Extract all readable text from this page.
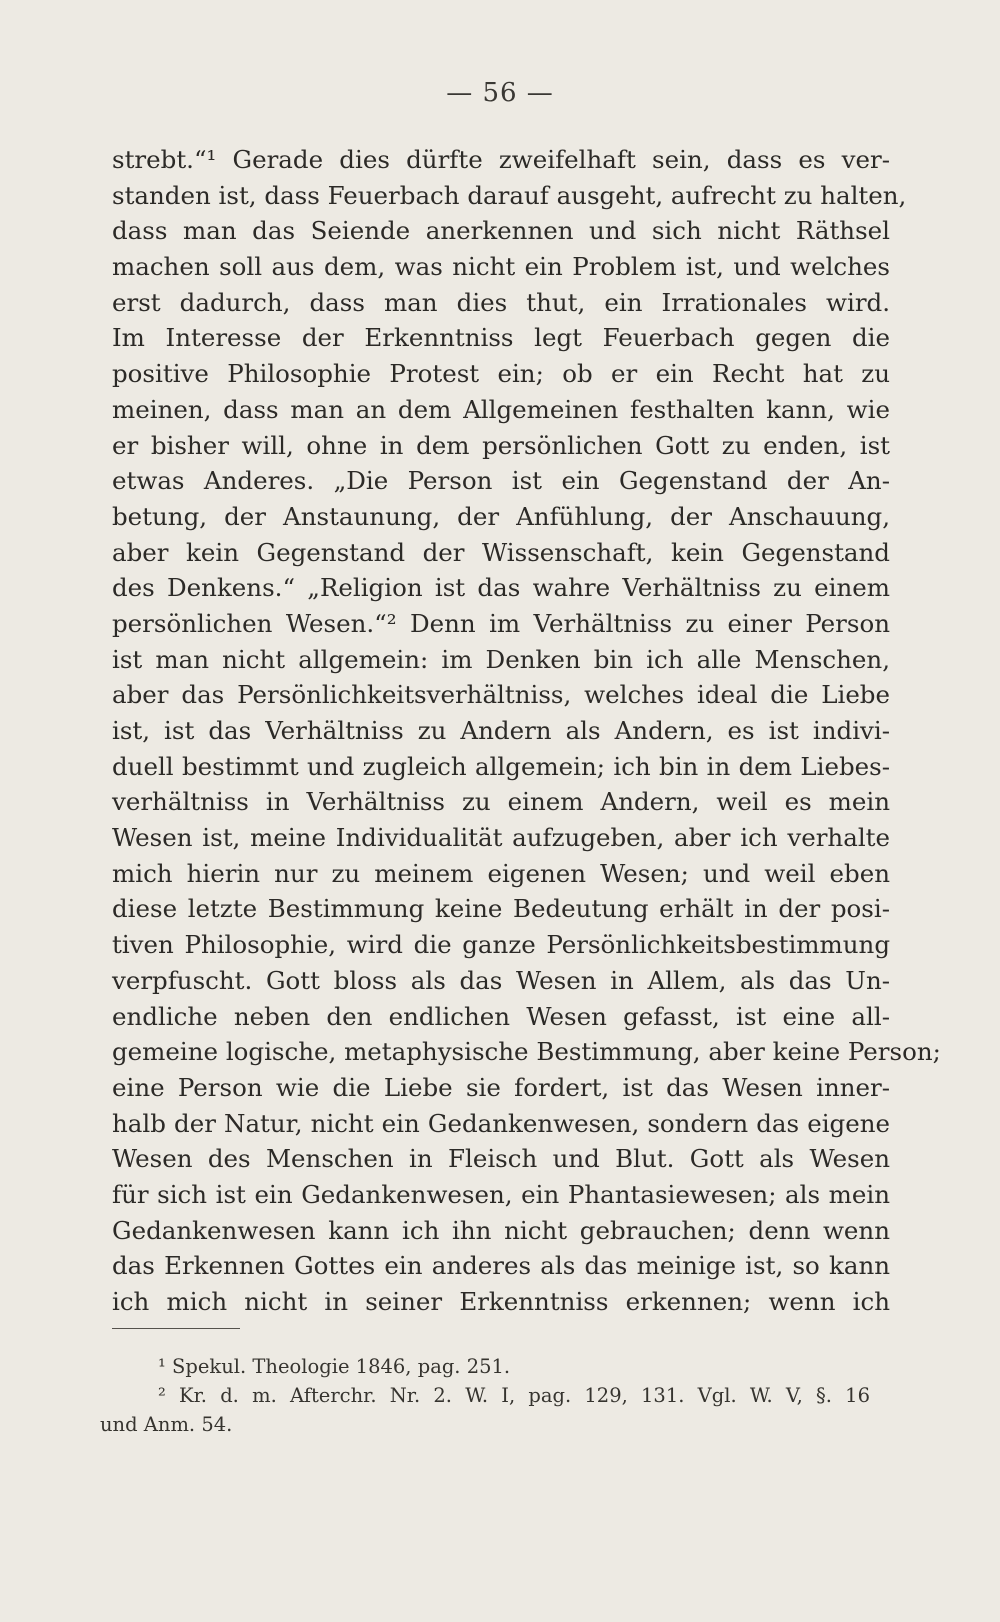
— 56 —
strebt.“¹ Gerade dies dürfte zweifelhaft sein, dass es ver-
standen ist, dass Feuerbach darauf ausgeht, aufrecht zu halten,
dass man das Seiende anerkennen und sich nicht Räthsel
machen soll aus dem, was nicht ein Problem ist, und welches
erst dadurch, dass man dies thut, ein Irrationales wird.
Im Interesse der Erkenntniss legt Feuerbach gegen die
positive Philosophie Protest ein; ob er ein Recht hat zu
meinen, dass man an dem Allgemeinen festhalten kann, wie
er bisher will, ohne in dem persönlichen Gott zu enden, ist
etwas Anderes. „Die Person ist ein Gegenstand der An-
betung, der Anstaunung, der Anfühlung, der Anschauung,
aber kein Gegenstand der Wissenschaft, kein Gegenstand
des Denkens.“ „Religion ist das wahre Verhältniss zu einem
persönlichen Wesen.“² Denn im Verhältniss zu einer Person
ist man nicht allgemein: im Denken bin ich alle Menschen,
aber das Persönlichkeitsverhältniss, welches ideal die Liebe
ist, ist das Verhältniss zu Andern als Andern, es ist indivi-
duell bestimmt und zugleich allgemein; ich bin in dem Liebes-
verhältniss in Verhältniss zu einem Andern, weil es mein
Wesen ist, meine Individualität aufzugeben, aber ich verhalte
mich hierin nur zu meinem eigenen Wesen; und weil eben
diese letzte Bestimmung keine Bedeutung erhält in der posi-
tiven Philosophie, wird die ganze Persönlichkeitsbestimmung
verpfuscht. Gott bloss als das Wesen in Allem, als das Un-
endliche neben den endlichen Wesen gefasst, ist eine all-
gemeine logische, metaphysische Bestimmung, aber keine Person;
eine Person wie die Liebe sie fordert, ist das Wesen inner-
halb der Natur, nicht ein Gedankenwesen, sondern das eigene
Wesen des Menschen in Fleisch und Blut. Gott als Wesen
für sich ist ein Gedankenwesen, ein Phantasiewesen; als mein
Gedankenwesen kann ich ihn nicht gebrauchen; denn wenn
das Erkennen Gottes ein anderes als das meinige ist, so kann
ich mich nicht in seiner Erkenntniss erkennen; wenn ich
¹ Spekul. Theologie 1846, pag. 251.
² Kr. d. m. Afterchr. Nr. 2. W. I, pag. 129, 131. Vgl. W. V, §. 16
und Anm. 54.
